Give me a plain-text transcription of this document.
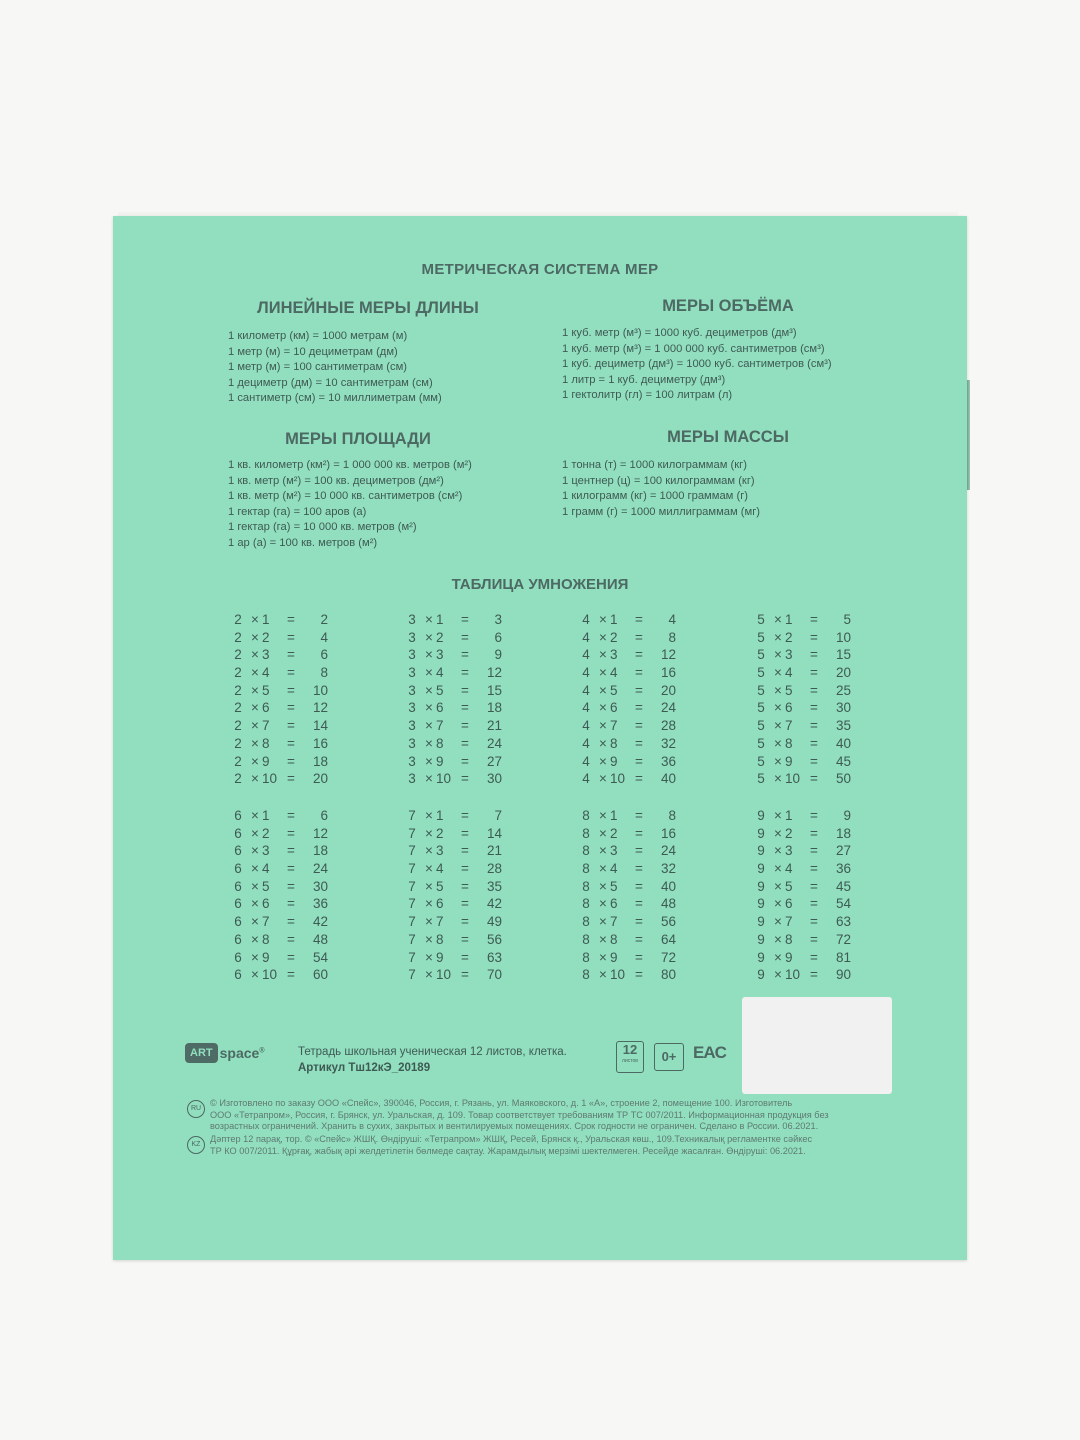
МЕТРИЧЕСКАЯ СИСТЕМА МЕР
ЛИНЕЙНЫЕ МЕРЫ ДЛИНЫ
1 километр (км) = 1000 метрам (м)
1 метр (м) = 10 дециметрам (дм)
1 метр (м) = 100 сантиметрам (см)
1 дециметр (дм) = 10 сантиметрам (см)
1 сантиметр (см) = 10 миллиметрам (мм)
МЕРЫ ОБЪЁМА
1 куб. метр (м³) = 1000 куб. дециметров (дм³)
1 куб. метр (м³) = 1 000 000 куб. сантиметров (см³)
1 куб. дециметр (дм³) = 1000 куб. сантиметров (см³)
1 литр = 1 куб. дециметру (дм³)
1 гектолитр (гл) = 100 литрам (л)
МЕРЫ ПЛОЩАДИ
1 кв. километр (км²) = 1 000 000 кв. метров (м²)
1 кв. метр (м²) = 100 кв. дециметров (дм²)
1 кв. метр (м²) = 10 000 кв. сантиметров (см²)
1 гектар (га) = 100 аров (а)
1 гектар (га) = 10 000 кв. метров (м²)
1 ар (а) = 100 кв. метров (м²)
МЕРЫ МАССЫ
1 тонна (т) = 1000 килограммам (кг)
1 центнер (ц) = 100 килограммам (кг)
1 килограмм (кг) = 1000 граммам (г)
1 грамм (г) = 1000 миллиграммам (мг)
ТАБЛИЦА УМНОЖЕНИЯ
2 × 1	=	2
2 × 2	=	4
2 × 3	=	6
2 × 4	=	8
2 × 5	=	10
2 × 6	=	12
2 × 7	=	14
2 × 8	=	16
2 × 9	=	18
2 × 10 =	20
3 × 1	=	3
3 × 2	=	6
3 × 3	=	9
3 × 4	=	12
3 × 5	=	15
3 × 6	=	18
3 × 7	=	21
3 × 8	=	24
3 × 9	=	27
3 × 10 =	30
4 × 1	=	4
4 × 2	=	8
4 × 3	=	12
4 × 4	=	16
4 × 5	=	20
4 × 6	=	24
4 × 7	=	28
4 × 8	=	32
4 × 9	=	36
4 × 10 =	40
5 × 1	=	5
5 × 2	=	10
5 × 3	=	15
5 × 4	=	20
5 × 5	=	25
5 × 6	=	30
5 × 7	=	35
5 × 8	=	40
5 × 9	=	45
5 × 10 =	50
6 × 1	=	6
6 × 2	=	12
6 × 3	=	18
6 × 4	=	24
6 × 5	=	30
6 × 6	=	36
6 × 7	=	42
6 × 8	=	48
6 × 9	=	54
6 × 10 =	60
7 × 1	=	7
7 × 2	=	14
7 × 3	=	21
7 × 4	=	28
7 × 5	=	35
7 × 6	=	42
7 × 7	=	49
7 × 8	=	56
7 × 9	=	63
7 × 10 =	70
8 × 1	=	8
8 × 2	=	16
8 × 3	=	24
8 × 4	=	32
8 × 5	=	40
8 × 6	=	48
8 × 7	=	56
8 × 8	=	64
8 × 9	=	72
8 × 10 =	80
9 × 1	=	9
9 × 2	=	18
9 × 3	=	27
9 × 4	=	36
9 × 5	=	45
9 × 6	=	54
9 × 7	=	63
9 × 8	=	72
9 × 9	=	81
9 × 10 =	90
ART space®	Тетрадь школьная ученическая 12 листов, клетка.
Артикул Тш12кЭ_20189
12
листов	0+ EAC
RU
© Изготовлено по заказу ООО «Спейс», 390046, Россия, г. Рязань, ул. Маяковского, д. 1 «А», строение 2, помещение 100. Изготовитель
ООО «Тетрапром», Россия, г. Брянск, ул. Уральская, д. 109. Товар соответствует требованиям ТР ТС 007/2011. Информационная продукция без
возрастных ограничений. Хранить в сухих, закрытых и вентилируемых помещениях. Срок годности не ограничен. Сделано в России. 06.2021.
KZ
Дәптер 12 парақ, тор. © «Спейс» ЖШҚ. Өндіруші: «Тетрапром» ЖШҚ, Ресей, Брянск қ., Уральская көш., 109.Техникалық регламентке сәйкес
ТР КО 007/2011. Құрғақ, жабық әрі желдетілетін бөлмеде сақтау. Жарамдылық мерзімі шектелмеген. Ресейде жасалған. Өндіруші: 06.2021.
